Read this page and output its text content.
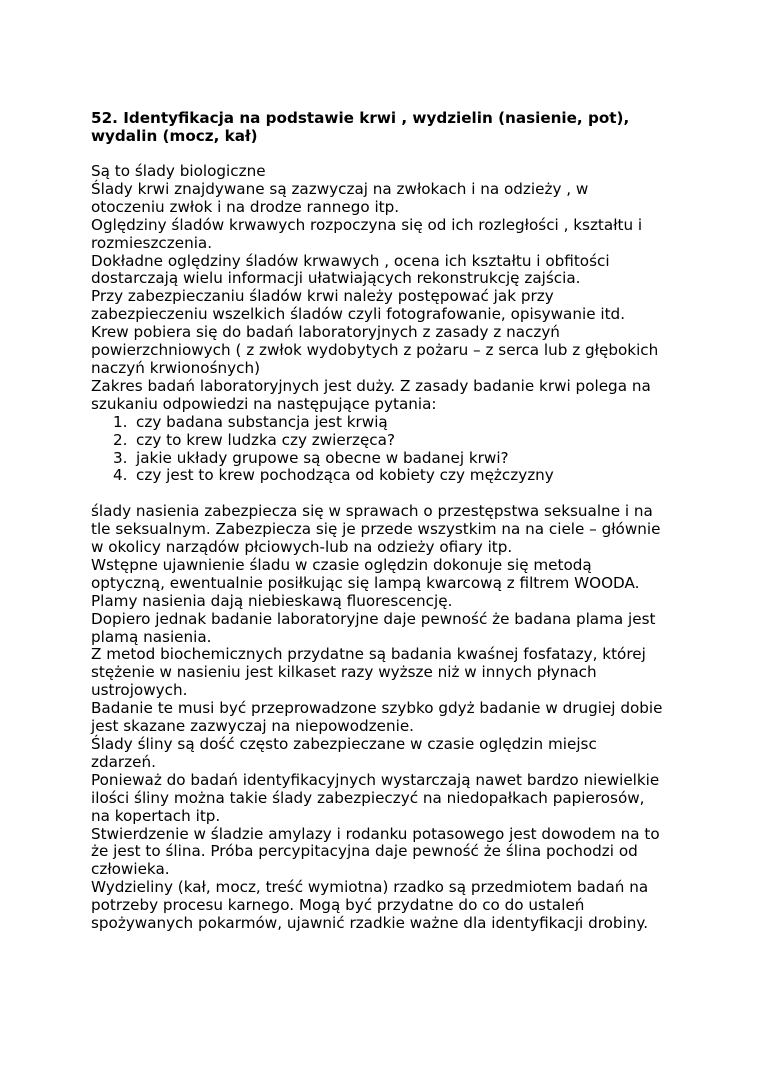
52. Identyfikacja na podstawie krwi , wydzielin (nasienie, pot),
wydalin (mocz, kał)
Są to ślady biologiczne
Ślady krwi znajdywane są zazwyczaj na zwłokach i na odzieży , w
otoczeniu zwłok i na drodze rannego itp.
Oględziny śladów krwawych rozpoczyna się od ich rozległości , kształtu i
rozmieszczenia.
Dokładne oględziny śladów krwawych , ocena ich kształtu i obfitości
dostarczają wielu informacji ułatwiających rekonstrukcję zajścia.
Przy zabezpieczaniu śladów krwi należy postępować jak przy
zabezpieczeniu wszelkich śladów czyli fotografowanie, opisywanie itd.
Krew pobiera się do badań laboratoryjnych z zasady z naczyń
powierzchniowych ( z zwłok wydobytych z pożaru – z serca lub z głębokich
naczyń krwionośnych)
Zakres badań laboratoryjnych jest duży. Z zasady badanie krwi polega na
szukaniu odpowiedzi na następujące pytania:
1. czy badana substancja jest krwią
2. czy to krew ludzka czy zwierzęca?
3. jakie układy grupowe są obecne w badanej krwi?
4. czy jest to krew pochodząca od kobiety czy mężczyzny
ślady nasienia zabezpiecza się w sprawach o przestępstwa seksualne i na
tle seksualnym. Zabezpiecza się je przede wszystkim na na ciele – głównie
w okolicy narządów płciowych-lub na odzieży ofiary itp.
Wstępne ujawnienie śladu w czasie oględzin dokonuje się metodą
optyczną, ewentualnie posiłkując się lampą kwarcową z filtrem WOODA.
Plamy nasienia dają niebieskawą fluorescencję.
Dopiero jednak badanie laboratoryjne daje pewność że badana plama jest
plamą nasienia.
Z metod biochemicznych przydatne są badania kwaśnej fosfatazy, której
stężenie w nasieniu jest kilkaset razy wyższe niż w innych płynach
ustrojowych.
Badanie te musi być przeprowadzone szybko gdyż badanie w drugiej dobie
jest skazane zazwyczaj na niepowodzenie.
Ślady śliny są dość często zabezpieczane w czasie oględzin miejsc
zdarzeń.
Ponieważ do badań identyfikacyjnych wystarczają nawet bardzo niewielkie
ilości śliny można takie ślady zabezpieczyć na niedopałkach papierosów,
na kopertach itp.
Stwierdzenie w śladzie amylazy i rodanku potasowego jest dowodem na to
że jest to ślina. Próba percypitacyjna daje pewność że ślina pochodzi od
człowieka.
Wydzieliny (kał, mocz, treść wymiotna) rzadko są przedmiotem badań na
potrzeby procesu karnego. Mogą być przydatne do co do ustaleń
spożywanych pokarmów, ujawnić rzadkie ważne dla identyfikacji drobiny.
